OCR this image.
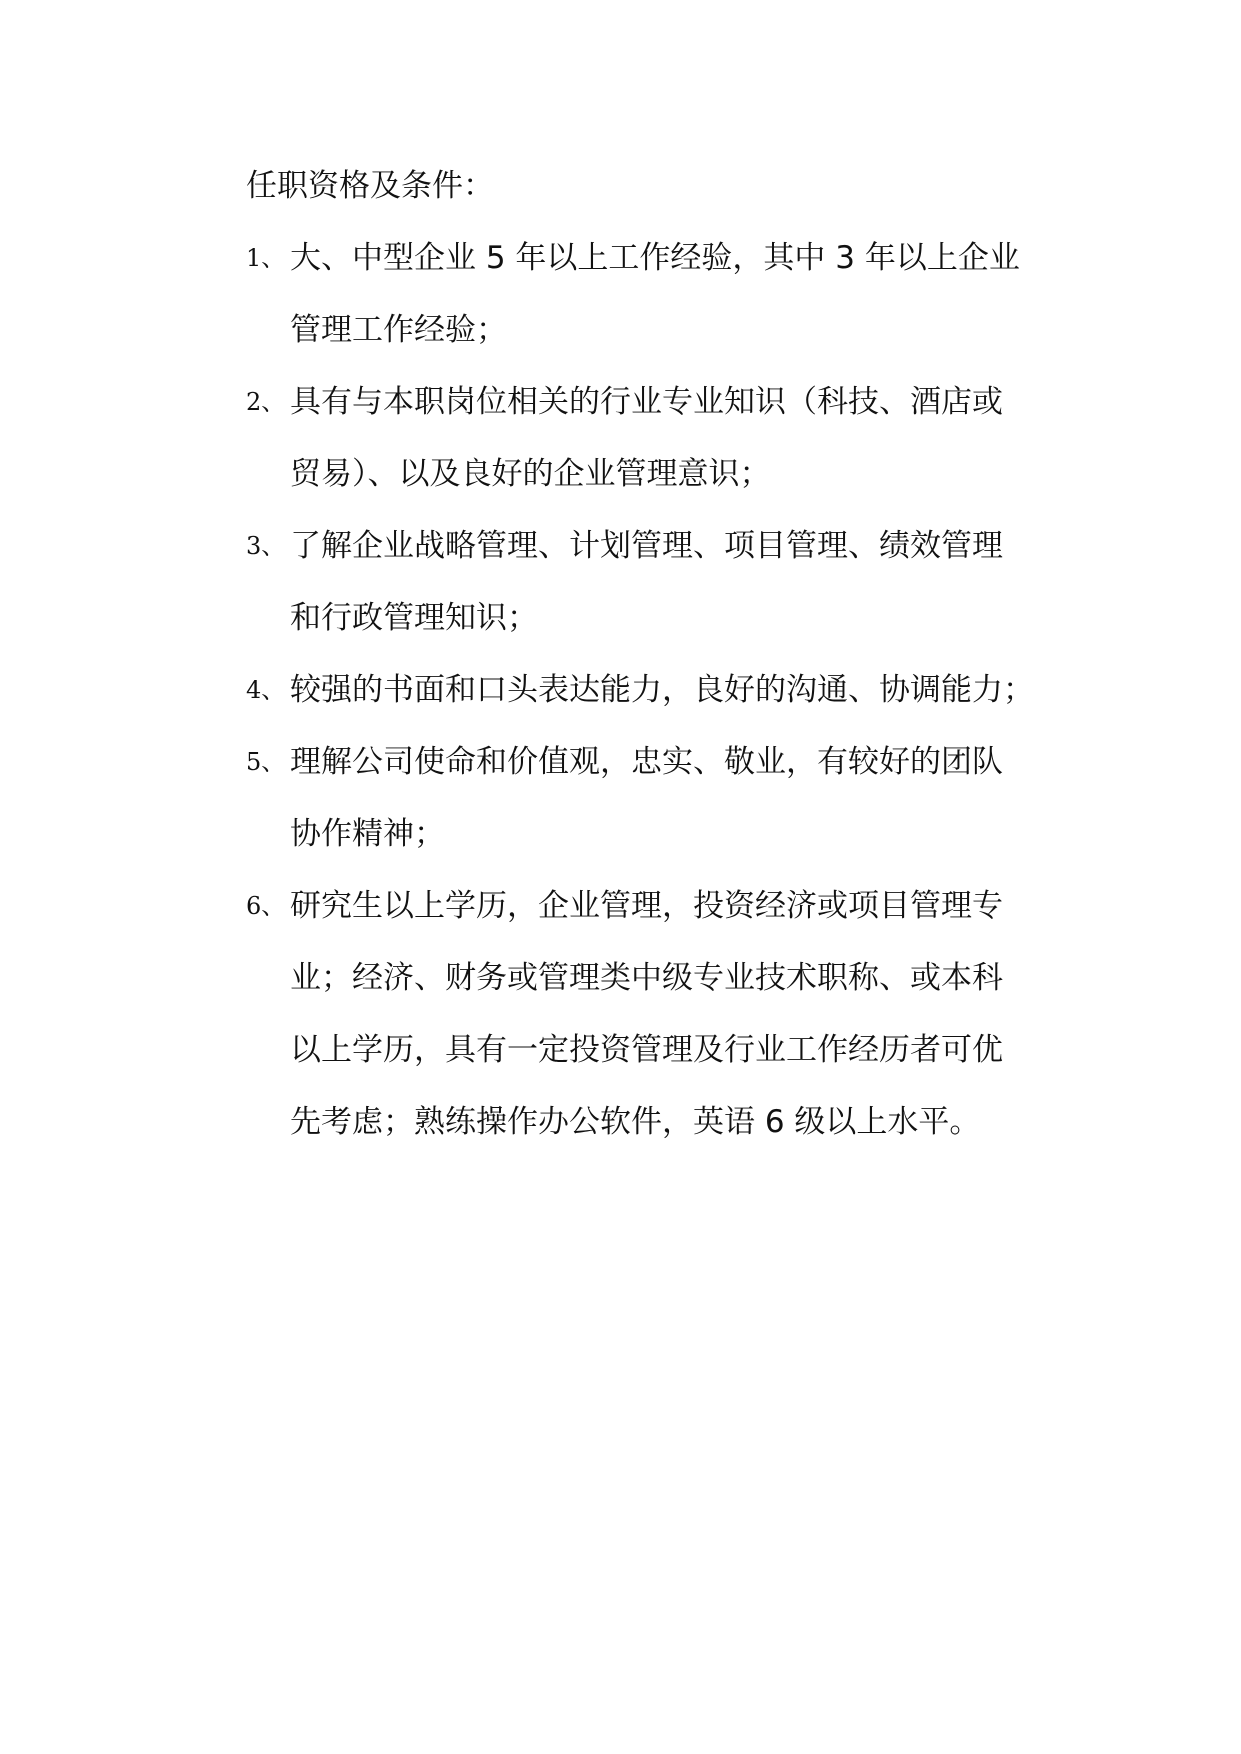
任职资格及条件：
1、 大、中型企业 5 年以上工作经验，其中 3 年以上企业
管理工作经验；
2、 具有与本职岗位相关的行业专业知识（科技、酒店或
贸易）、以及良好的企业管理意识；
3、 了解企业战略管理、计划管理、项目管理、绩效管理
和行政管理知识；
4、 较强的书面和口头表达能力，良好的沟通、协调能力；
5、 理解公司使命和价值观，忠实、敬业，有较好的团队
协作精神；
6、 研究生以上学历，企业管理，投资经济或项目管理专
业；经济、财务或管理类中级专业技术职称、或本科
以上学历，具有一定投资管理及行业工作经历者可优
先考虑；熟练操作办公软件，英语 6 级以上水平。
